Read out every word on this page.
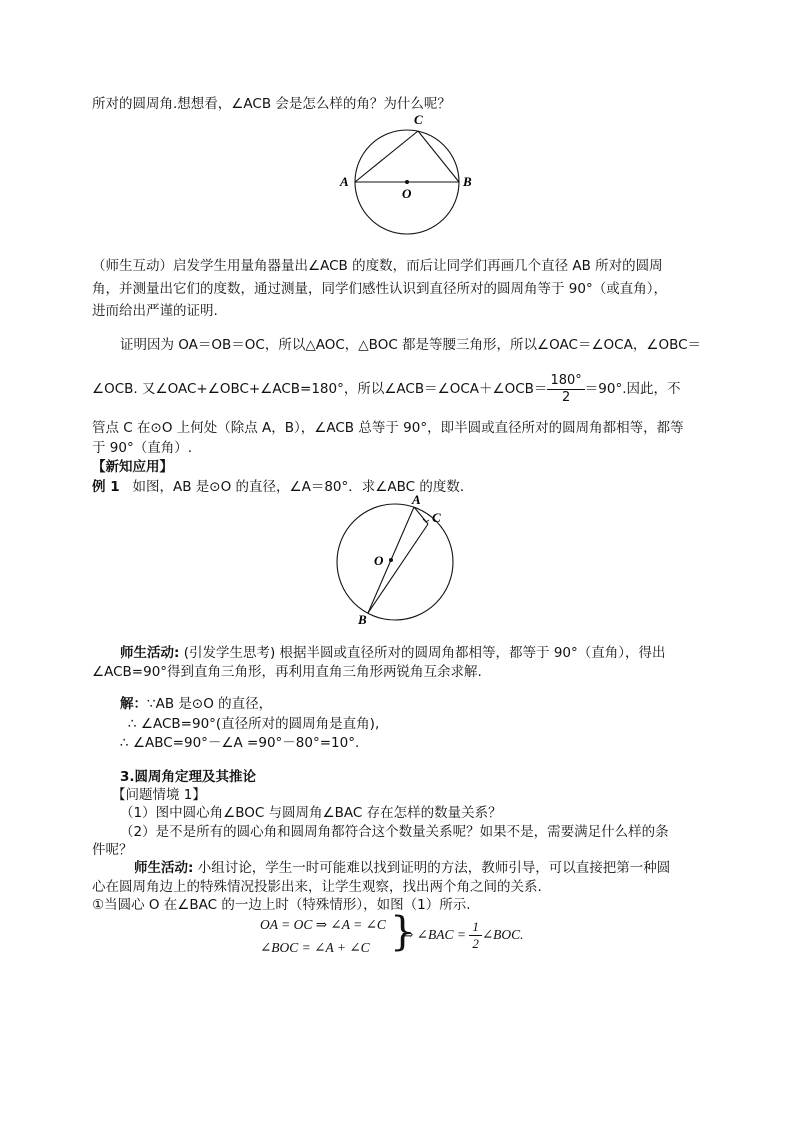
所对的圆周角.想想看，∠ACB 会是怎么样的角？为什么呢？
C
A	B
O
（师生互动）启发学生用量角器量出∠ACB 的度数，而后让同学们再画几个直径 AB 所对的圆周
角，并测量出它们的度数，通过测量，同学们感性认识到直径所对的圆周角等于 90°（或直角），
进而给出严谨的证明.
证明因为 OA＝OB＝OC，所以△AOC，△BOC 都是等腰三角形，所以∠OAC＝∠OCA，∠OBC＝
∠OCB. 又∠OAC+∠OBC+∠ACB=180°，所以∠ACB＝∠OCA＋∠OCB＝ $\frac{180^\circ}{2} =90^\circ$.因此，不
管点 C 在⊙O 上何处（除点 A，B），∠ACB 总等于 90°，即半圆或直径所对的圆周角都相等，都等
于 90°（直角）.
【新知应用】
例 1 如图，AB 是⊙O 的直径，∠A＝80°．求∠ABC 的度数．
A
C
O
B
师生活动: (引发学生思考) 根据半圆或直径所对的圆周角都相等，都等于 90°（直角），得出
∠ACB=90°得到直角三角形，再利用直角三角形两锐角互余求解.
解：∵AB 是⊙O 的直径，
∴ ∠ACB=90°(直径所对的圆周角是直角),
∴ ∠ABC=90°－∠A =90°－80°=10°.
3.圆周角定理及其推论
【问题情境 1】
（1）图中圆心角∠BOC 与圆周角∠BAC 存在怎样的数量关系？
（2）是不是所有的圆心角和圆周角都符合这个数量关系呢？如果不是，需要满足什么样的条
件呢？
师生活动: 小组讨论，学生一时可能难以找到证明的方法，教师引导，可以直接把第一种圆
心在圆周角边上的特殊情况投影出来，让学生观察，找出两个角之间的关系.
①当圆心 O 在∠BAC 的一边上时（特殊情形），如图（1）所示.
OA = OC ⇒ ∠A = ∠C
∠BOC = ∠A + ∠C }
⇒ ∠BAC = $\frac{1}{2}$ ∠BOC.
